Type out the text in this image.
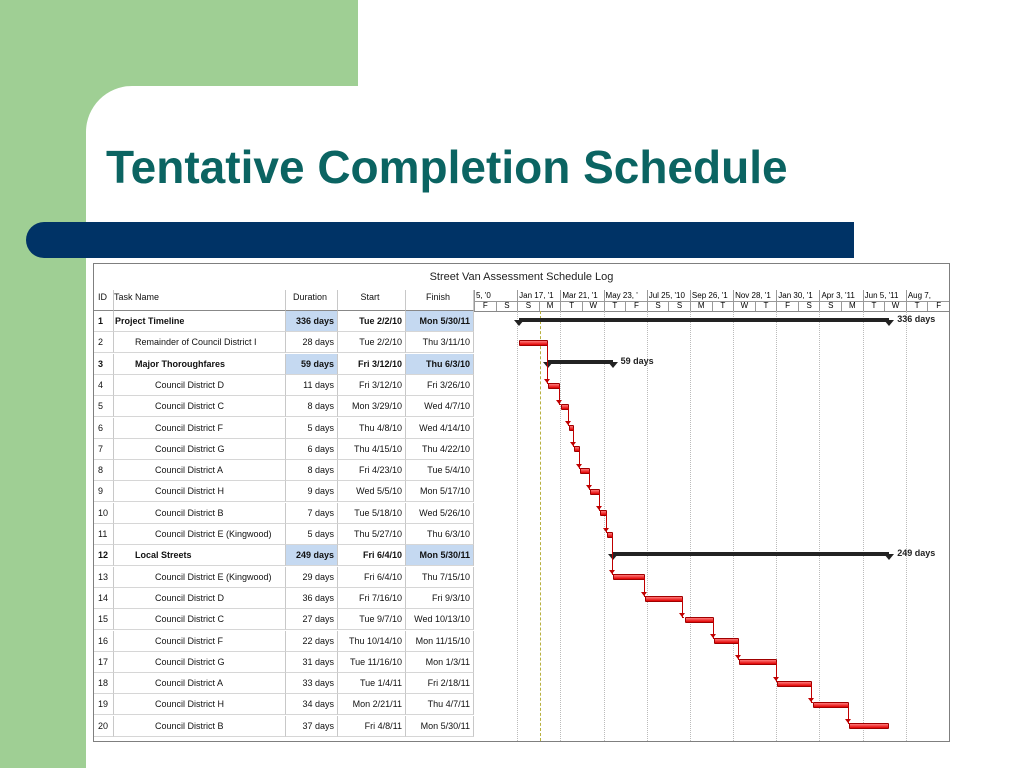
Tentative Completion Schedule
Street Van Assessment Schedule Log
ID Task Name	Duration	Start	Finish
1	Project Timeline	336 days	Tue 2/2/10	Mon 5/30/11
2	Remainder of Council District I	28 days	Tue 2/2/10	Thu 3/11/10
3	Major Thoroughfares	59 days	Fri 3/12/10	Thu 6/3/10
4	Council District D	11 days	Fri 3/12/10	Fri 3/26/10
5	Council District C	8 days	Mon 3/29/10	Wed 4/7/10
6	Council District F	5 days	Thu 4/8/10	Wed 4/14/10
7	Council District G	6 days	Thu 4/15/10	Thu 4/22/10
8	Council District A	8 days	Fri 4/23/10	Tue 5/4/10
9	Council District H	9 days	Wed 5/5/10	Mon 5/17/10
10	Council District B	7 days	Tue 5/18/10	Wed 5/26/10
11	Council District E (Kingwood)	5 days	Thu 5/27/10	Thu 6/3/10
12	Local Streets	249 days	Fri 6/4/10	Mon 5/30/11
13	Council District E (Kingwood)	29 days	Fri 6/4/10	Thu 7/15/10
14	Council District D	36 days	Fri 7/16/10	Fri 9/3/10
15	Council District C	27 days	Tue 9/7/10	Wed 10/13/10
16	Council District F	22 days	Thu 10/14/10	Mon 11/15/10
17	Council District G	31 days	Tue 11/16/10	Mon 1/3/11
18	Council District A	33 days	Tue 1/4/11	Fri 2/18/11
19	Council District H	34 days	Mon 2/21/11	Thu 4/7/11
20	Council District B	37 days	Fri 4/8/11	Mon 5/30/11
5, '0	Jan 17, '1	Mar 21, '1 May 23, '	Jul 25, '10 Sep 26, '1 Nov 28, '1 Jan 30, '1	Apr 3, '11	Jun 5, '11	Aug 7,
F	S	S	M	T	W	T	F	S	S	M	T	W	T	F	S	S	M	T	W	T	F
336 days
59 days
249 days
